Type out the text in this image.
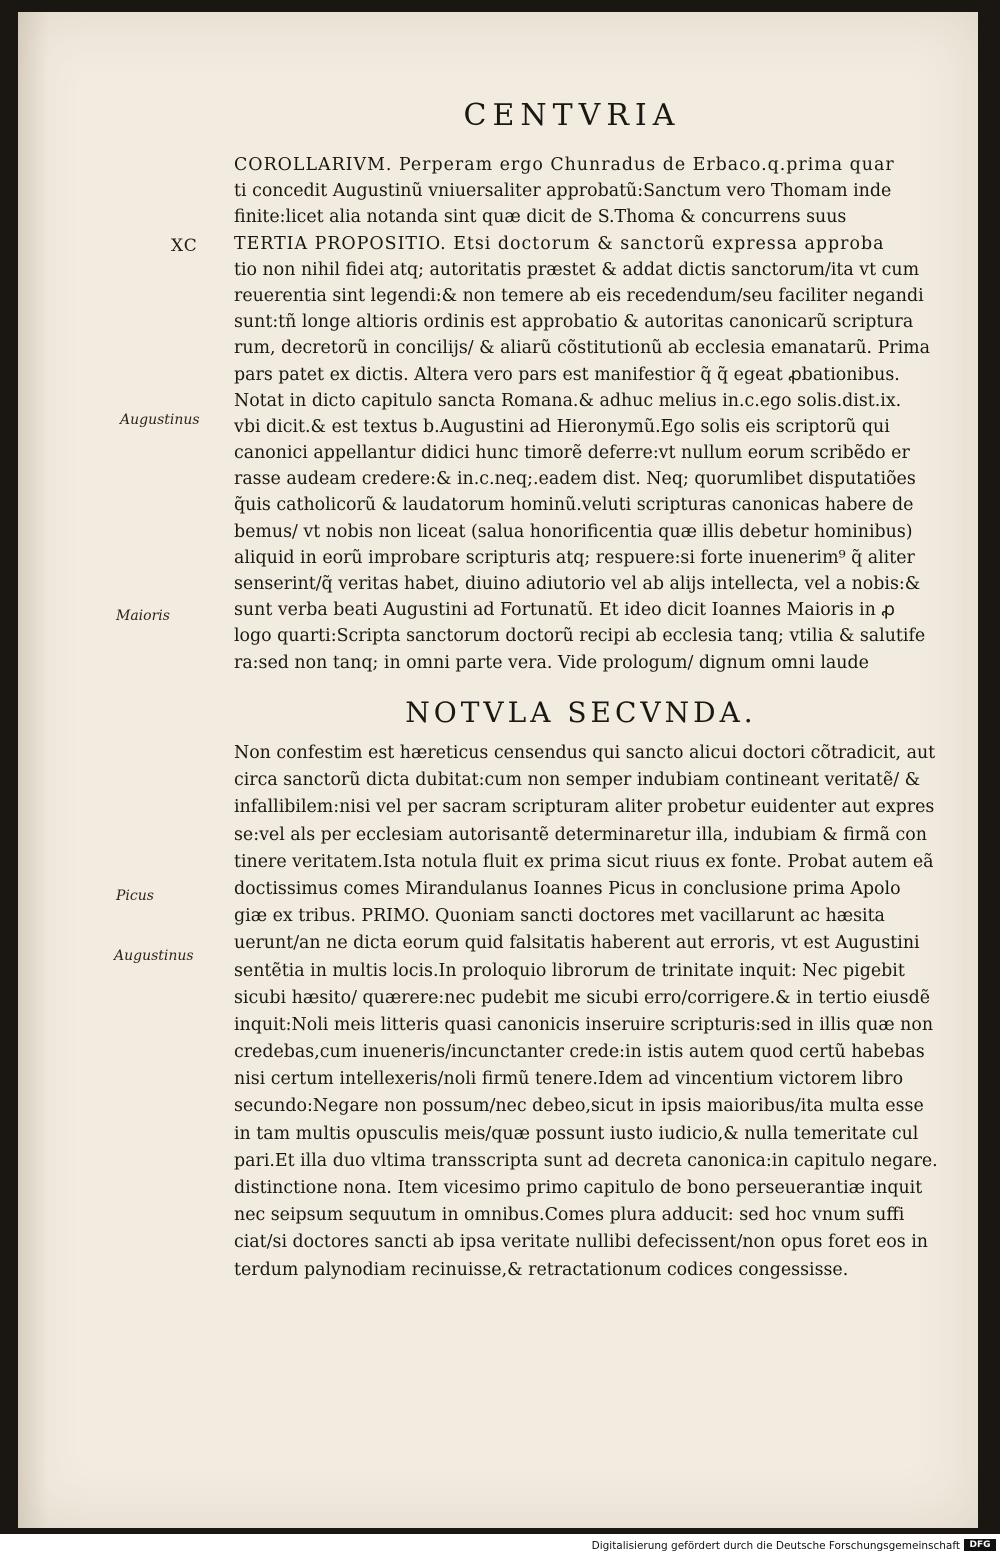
CENTVRIA
XC
Augustinus
Maioris
Picus
Augustinus
COROLLARIVM. Perperam ergo Chunradus de Erbaco.q.prima quar
ti concedit Augustinũ vniuersaliter approbatũ:Sanctum vero Thomam inde
finite:licet alia notanda sint quæ dicit de S.Thoma & concurrens suus
TERTIA PROPOSITIO. Etsi doctorum & sanctorũ expressa approba
tio non nihil fidei atq; autoritatis præstet & addat dictis sanctorum/ita vt cum
reuerentia sint legendi:& non temere ab eis recedendum/seu faciliter negandi
sunt:tñ longe altioris ordinis est approbatio & autoritas canonicarũ scriptura
rum, decretorũ in concilijs/ & aliarũ cõstitutionũ ab ecclesia emanatarũ. Prima
pars patet ex dictis. Altera vero pars est manifestior q̃ q̃ egeat ꝓbationibus.
Notat in dicto capitulo sancta Romana.& adhuc melius in.c.ego solis.dist.ix.
vbi dicit.& est textus b.Augustini ad Hieronymũ.Ego solis eis scriptorũ qui
canonici appellantur didici hunc timorẽ deferre:vt nullum eorum scribẽdo er
rasse audeam credere:& in.c.neq;.eadem dist. Neq; quorumlibet disputatiões
q̃uis catholicorũ & laudatorum hominũ.veluti scripturas canonicas habere de
bemus/ vt nobis non liceat (salua honorificentia quæ illis debetur hominibus)
aliquid in eorũ improbare scripturis atq; respuere:si forte inuenerim⁹ q̃ aliter
senserint/q̃ veritas habet, diuino adiutorio vel ab alijs intellecta, vel a nobis:&
sunt verba beati Augustini ad Fortunatũ. Et ideo dicit Ioannes Maioris in ꝓ
logo quarti:Scripta sanctorum doctorũ recipi ab ecclesia tanq; vtilia & salutife
ra:sed non tanq; in omni parte vera. Vide prologum/ dignum omni laude
NOTVLA SECVNDA.
Non confestim est hæreticus censendus qui sancto alicui doctori cõtradicit, aut
circa sanctorũ dicta dubitat:cum non semper indubiam contineant veritatẽ/ &
infallibilem:nisi vel per sacram scripturam aliter probetur euidenter aut expres
se:vel als per ecclesiam autorisantẽ determinaretur illa, indubiam & firmã con
tinere veritatem.Ista notula fluit ex prima sicut riuus ex fonte. Probat autem eã
doctissimus comes Mirandulanus Ioannes Picus in conclusione prima Apolo
giæ ex tribus. PRIMO. Quoniam sancti doctores met vacillarunt ac hæsita
uerunt/an ne dicta eorum quid falsitatis haberent aut erroris, vt est Augustini
sentẽtia in multis locis.In proloquio librorum de trinitate inquit: Nec pigebit
sicubi hæsito/ quærere:nec pudebit me sicubi erro/corrigere.& in tertio eiusdẽ
inquit:Noli meis litteris quasi canonicis inseruire scripturis:sed in illis quæ non
credebas,cum inueneris/incunctanter crede:in istis autem quod certũ habebas
nisi certum intellexeris/noli firmũ tenere.Idem ad vincentium victorem libro
secundo:Negare non possum/nec debeo,sicut in ipsis maioribus/ita multa esse
in tam multis opusculis meis/quæ possunt iusto iudicio,& nulla temeritate cul
pari.Et illa duo vltima transscripta sunt ad decreta canonica:in capitulo negare.
distinctione nona. Item vicesimo primo capitulo de bono perseuerantiæ inquit
nec seipsum sequutum in omnibus.Comes plura adducit: sed hoc vnum suffi
ciat/si doctores sancti ab ipsa veritate nullibi defecissent/non opus foret eos in
terdum palynodiam recinuisse,& retractationum codices congessisse.
Digitalisierung gefördert durch die Deutsche Forschungsgemeinschaft	DFG
